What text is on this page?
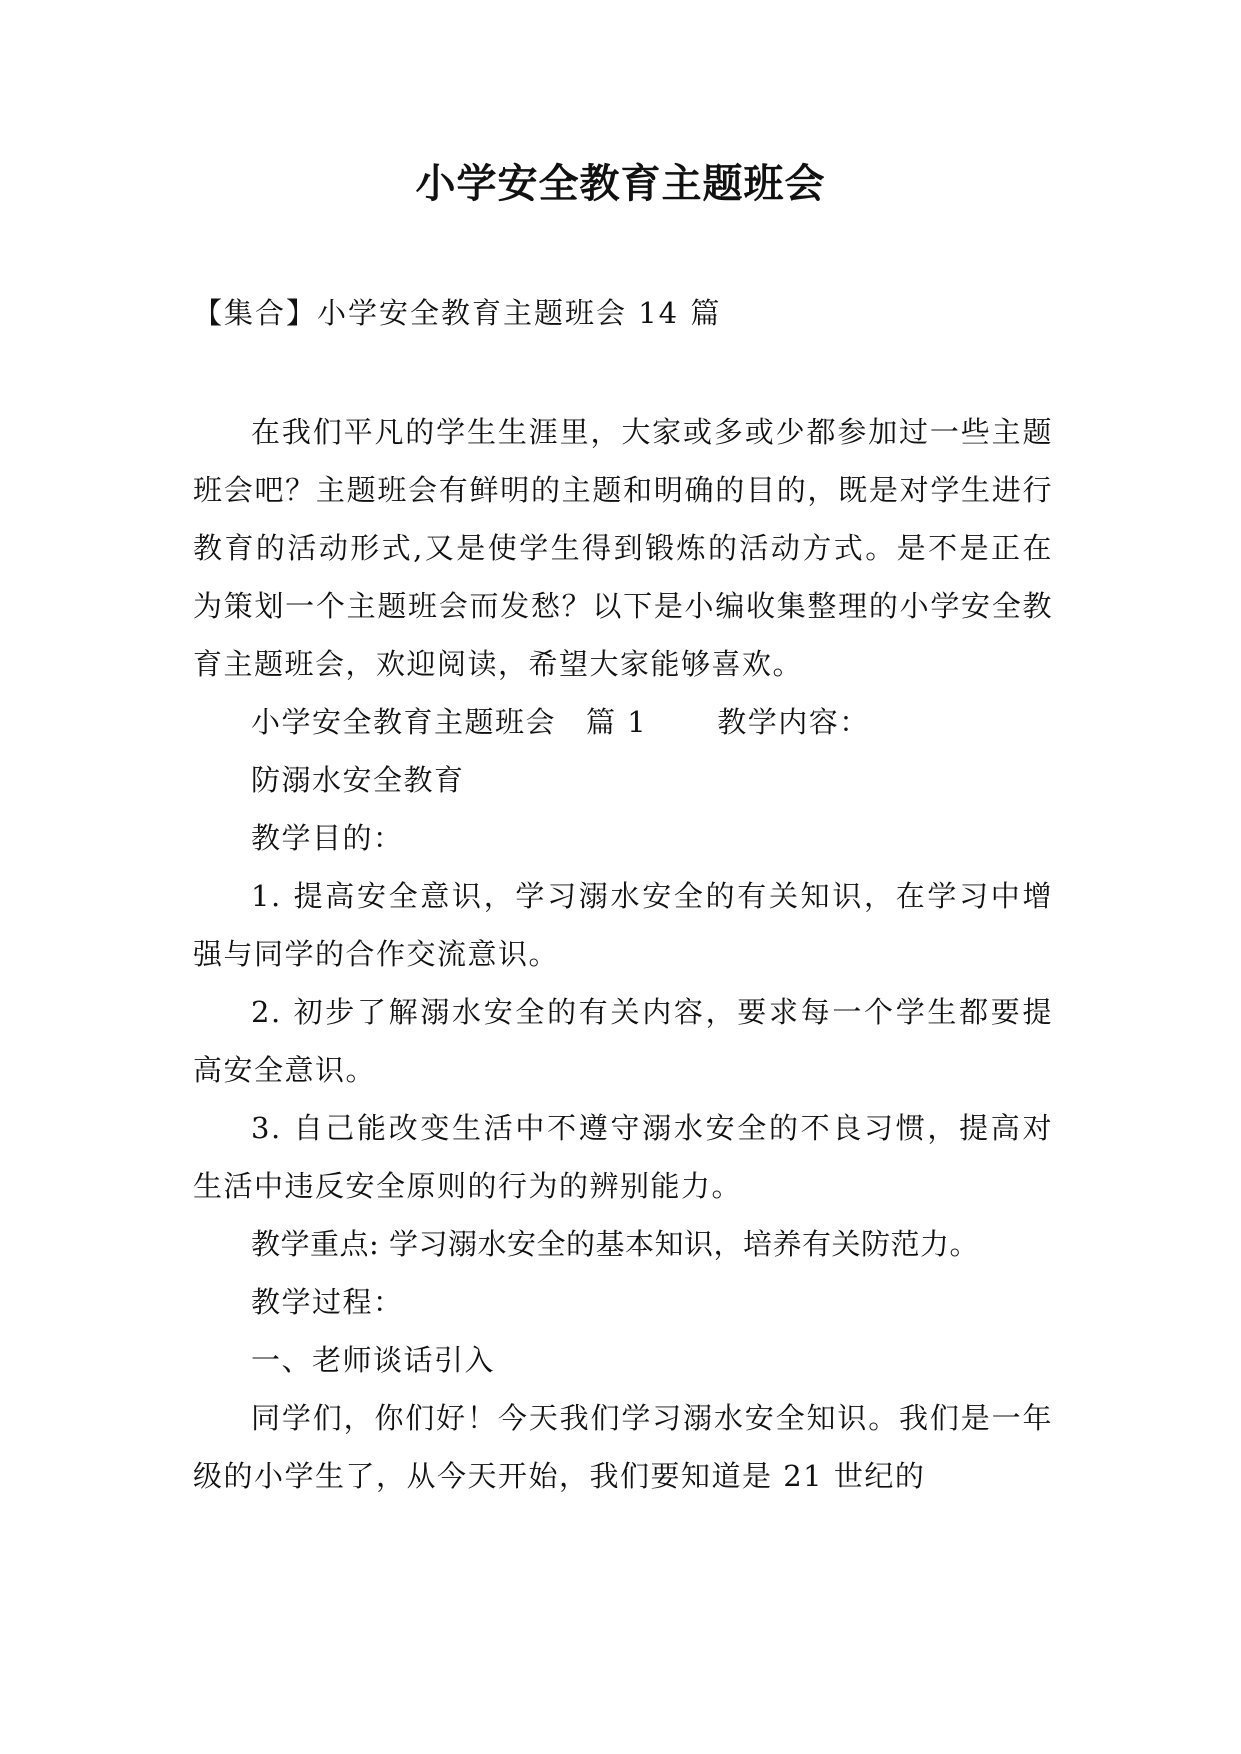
小学安全教育主题班会

【集合】小学安全教育主题班会 14 篇

在我们平凡的学生生涯里，大家或多或少都参加过一些主题班会吧？主题班会有鲜明的主题和明确的目的，既是对学生进行教育的活动形式,又是使学生得到锻炼的活动方式。是不是正在为策划一个主题班会而发愁？以下是小编收集整理的小学安全教育主题班会，欢迎阅读，希望大家能够喜欢。

小学安全教育主题班会 篇 1 教学内容：

防溺水安全教育

教学目的：

1. 提高安全意识，学习溺水安全的有关知识，在学习中增强与同学的合作交流意识。

2. 初步了解溺水安全的有关内容，要求每一个学生都要提高安全意识。

3. 自己能改变生活中不遵守溺水安全的不良习惯，提高对生活中违反安全原则的行为的辨别能力。

教学重点: 学习溺水安全的基本知识，培养有关防范力。

教学过程：

一、老师谈话引入

同学们，你们好！今天我们学习溺水安全知识。我们是一年级的小学生了，从今天开始，我们要知道是 21 世纪的
